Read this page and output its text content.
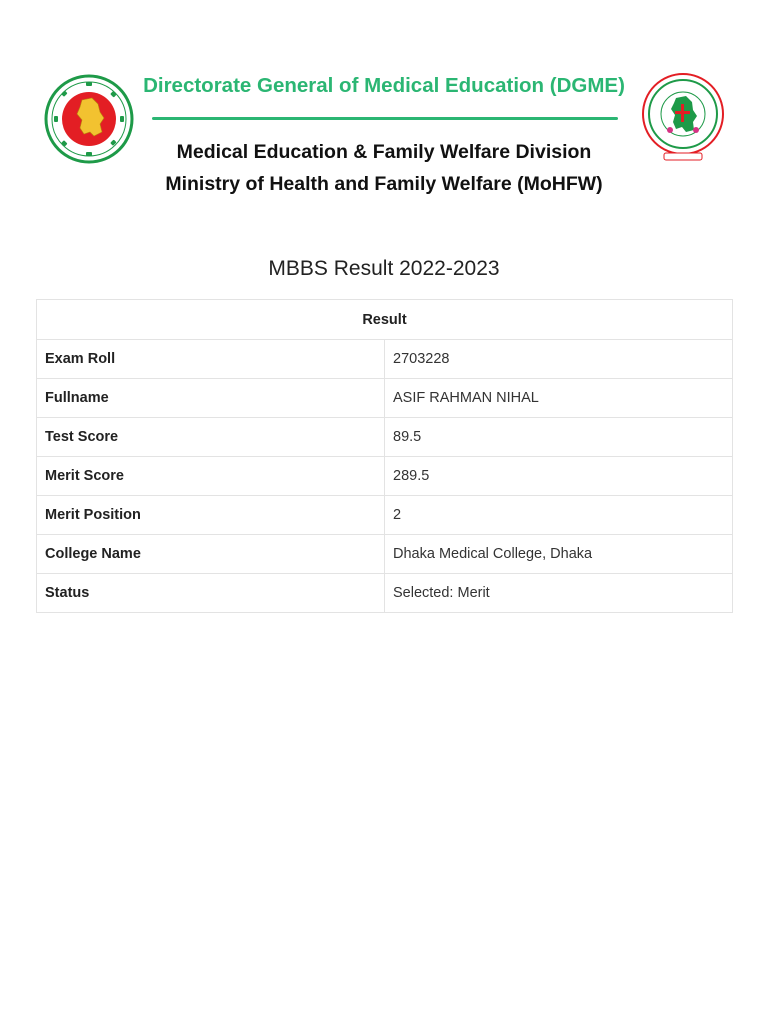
Directorate General of Medical Education (DGME)
Medical Education & Family Welfare Division
Ministry of Health and Family Welfare (MoHFW)
MBBS Result 2022-2023
Result	
Exam Roll	2703228
Fullname	ASIF RAHMAN NIHAL
Test Score	89.5
Merit Score	289.5
Merit Position	2
College Name	Dhaka Medical College, Dhaka
Status	Selected: Merit
